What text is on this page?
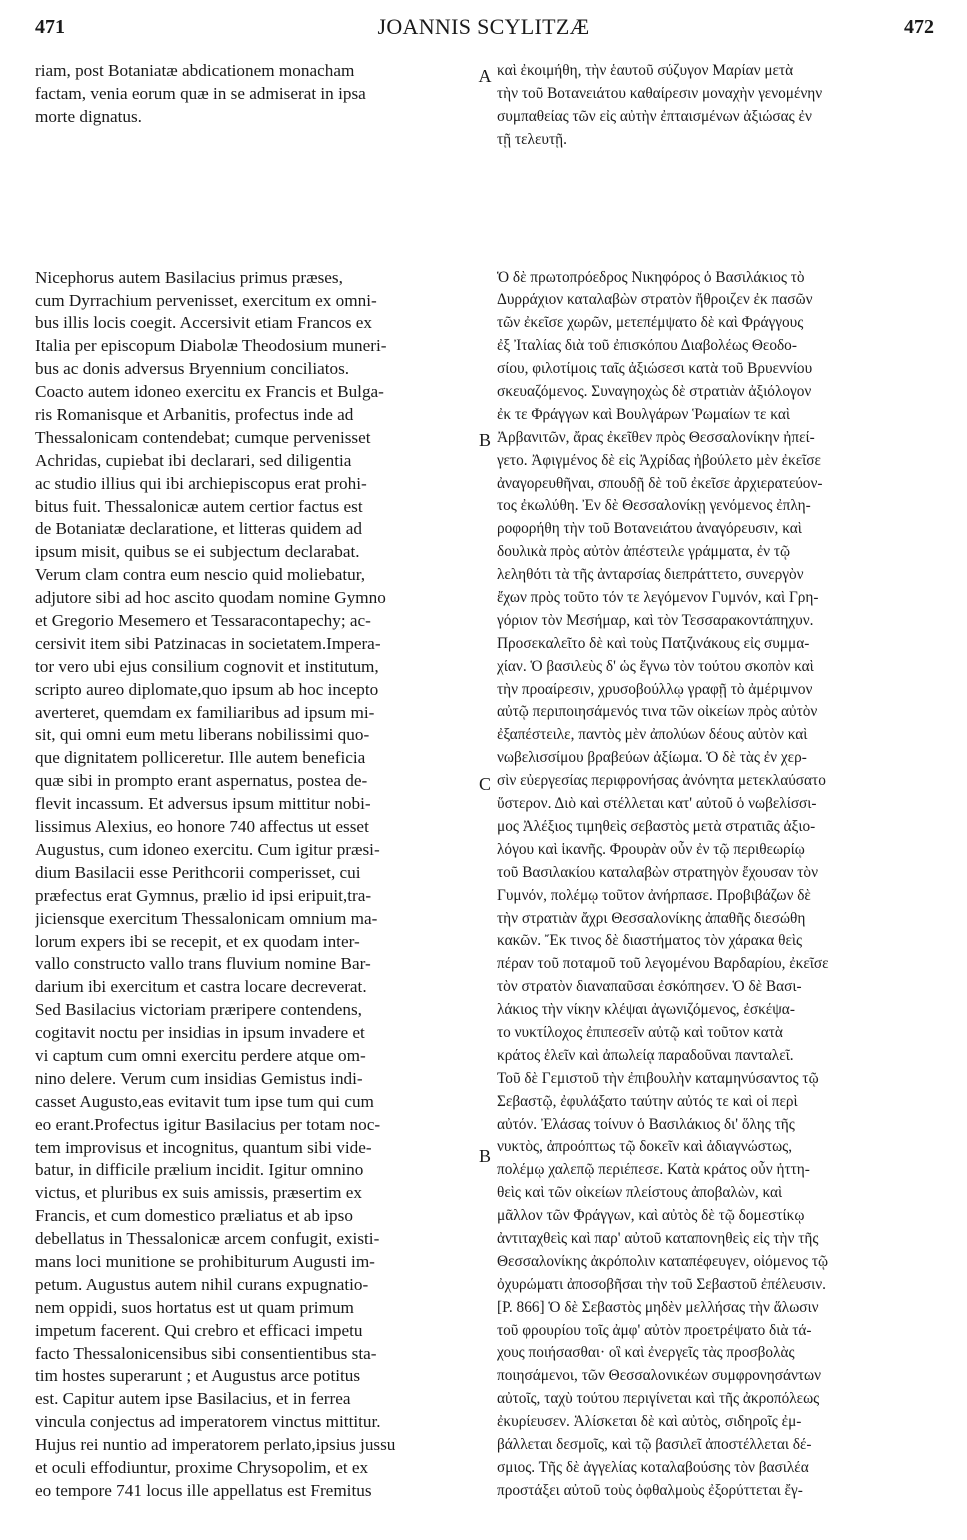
471	JOANNIS SCYLITZÆ	472
riam, post Botaniatæ abdicationem monacham
factam, venia eorum quæ in se admiserat in ipsa
morte dignatus.
Nicephorus autem Basilacius primus præses,
cum Dyrrachium pervenisset, exercitum ex omni-
bus illis locis coegit. Accersivit etiam Francos ex
Italia per episcopum Diabolæ Theodosium muneri-
bus ac donis adversus Bryennium conciliatos.
Coacto autem idoneo exercitu ex Francis et Bulga-
ris Romanisque et Arbanitis, profectus inde ad
Thessalonicam contendebat; cumque pervenisset
Achridas, cupiebat ibi declarari, sed diligentia
ac studio illius qui ibi archiepiscopus erat prohi-
bitus fuit. Thessalonicæ autem certior factus est
de Botaniatæ declaratione, et litteras quidem ad
ipsum misit, quibus se ei subjectum declarabat.
Verum clam contra eum nescio quid moliebatur,
adjutore sibi ad hoc ascito quodam nomine Gymno
et Gregorio Mesemero et Tessaracontapechy; ac-
cersivit item sibi Patzinacas in societatem.Impera-
tor vero ubi ejus consilium cognovit et institutum,
scripto aureo diplomate,quo ipsum ab hoc incepto
averteret, quemdam ex familiaribus ad ipsum mi-
sit, qui omni eum metu liberans nobilissimi quo-
que dignitatem polliceretur. Ille autem beneficia
quæ sibi in prompto erant aspernatus, postea de-
flevit incassum. Et adversus ipsum mittitur nobi-
lissimus Alexius, eo honore 740 affectus ut esset
Augustus, cum idoneo exercitu. Cum igitur præsi-
dium Basilacii esse Perithcorii comperisset, cui
præfectus erat Gymnus, prælio id ipsi eripuit,tra-
jiciensque exercitum Thessalonicam omnium ma-
lorum expers ibi se recepit, et ex quodam inter-
vallo constructo vallo trans fluvium nomine Bar-
darium ibi exercitum et castra locare decreverat.
Sed Basilacius victoriam præripere contendens,
cogitavit noctu per insidias in ipsum invadere et
vi captum cum omni exercitu perdere atque om-
nino delere. Verum cum insidias Gemistus indi-
casset Augusto,eas evitavit tum ipse tum qui cum
eo erant.Profectus igitur Basilacius per totam noc-
tem improvisus et incognitus, quantum sibi vide-
batur, in difficile prælium incidit. Igitur omnino
victus, et pluribus ex suis amissis, præsertim ex
Francis, et cum domestico præliatus et ab ipso
debellatus in Thessalonicæ arcem confugit, existi-
mans loci munitione se prohibiturum Augusti im-
petum. Augustus autem nihil curans expugnatio-
nem oppidi, suos hortatus est ut quam primum
impetum facerent. Qui crebro et efficaci impetu
facto Thessalonicensibus sibi consentientibus sta-
tim hostes superarunt ; et Augustus arce potitus
est. Capitur autem ipse Basilacius, et in ferrea
vincula conjectus ad imperatorem vinctus mittitur.
Hujus rei nuntio ad imperatorem perlato,ipsius jussu
et oculi effodiuntur, proxime Chrysopolim, et ex
eo tempore 741 locus ille appellatus est Fremitus
καὶ ἐκοιμήθη, τὴν ἑαυτοῦ σύζυγον Μαρίαν μετὰ
τὴν τοῦ Βοτανειάτου καθαίρεσιν μοναχὴν γενομένην
συμπαθείας τῶν εἰς αὐτὴν ἐπταισμένων ἀξιώσας ἐν
τῇ τελευτῇ.
Ὁ δὲ πρωτοπρόεδρος Νικηφόρος ὁ Βασιλάκιος τὸ
Δυρράχιον καταλαβὼν στρατὸν ἤθροιζεν ἐκ πασῶν
τῶν ἐκεῖσε χωρῶν, μετεπέμψατο δὲ καὶ Φράγγους
ἐξ Ἰταλίας διὰ τοῦ ἐπισκόπου Διαβολέως Θεοδο-
σίου, φιλοτίμοις ταῖς ἀξιώσεσι κατὰ τοῦ Βρυεννίου
σκευαζόμενος. Συναγηοχὼς δὲ στρατιὰν ἀξιόλογον
ἐκ τε Φράγγων καὶ Βουλγάρων Ῥωμαίων τε καὶ
Ἀρβανιτῶν, ἄρας ἐκεῖθεν πρὸς Θεσσαλονίκην ἠπεί-
γετο. Ἀφιγμένος δὲ εἰς Ἀχρίδας ἠβούλετο μὲν ἐκεῖσε
ἀναγορευθῆναι, σπουδῇ δὲ τοῦ ἐκεῖσε ἀρχιερατεύον-
τος ἐκωλύθη. Ἐν δὲ Θεσσαλονίκῃ γενόμενος ἐπλη-
ροφορήθη τὴν τοῦ Βοτανειάτου ἀναγόρευσιν, καὶ
δουλικὰ πρὸς αὐτὸν ἀπέστειλε γράμματα, ἐν τῷ
λεληθότι τὰ τῆς ἀνταρσίας διεπράττετο, συνεργὸν
ἔχων πρὸς τοῦτο τόν τε λεγόμενον Γυμνόν, καὶ Γρη-
γόριον τὸν Μεσήμαρ, καὶ τὸν Τεσσαρακοντάπηχυν.
Προσεκαλεῖτο δὲ καὶ τοὺς Πατζινάκους εἰς συμμα-
χίαν. Ὁ βασιλεὺς δ' ὡς ἔγνω τὸν τούτου σκοπὸν καὶ
τὴν προαίρεσιν, χρυσοβούλλῳ γραφῇ τὸ ἀμέριμνον
αὐτῷ περιποιησάμενός τινα τῶν οἰκείων πρὸς αὐτὸν
ἐξαπέστειλε, παντὸς μὲν ἀπολύων δέους αὐτὸν καὶ
νωβελισσίμου βραβεύων ἀξίωμα. Ὁ δὲ τὰς ἐν χερ-
σὶν εὐεργεσίας περιφρονήσας ἀνόνητα μετεκλαύσατο
ὕστερον. Διὸ καὶ στέλλεται κατ' αὐτοῦ ὁ νωβελίσσι-
μος Ἀλέξιος τιμηθεὶς σεβαστὸς μετὰ στρατιᾶς ἀξιο-
λόγου καὶ ἱκανῆς. Φρουρὰν οὖν ἐν τῷ περιθεωρίῳ
τοῦ Βασιλακίου καταλαβὼν στρατηγὸν ἔχουσαν τὸν
Γυμνόν, πολέμῳ τοῦτον ἀνήρπασε. Προβιβάζων δὲ
τὴν στρατιὰν ἄχρι Θεσσαλονίκης ἀπαθῆς διεσώθη
κακῶν. Ἔκ τινος δὲ διαστήματος τὸν χάρακα θεὶς
πέραν τοῦ ποταμοῦ τοῦ λεγομένου Βαρδαρίου, ἐκεῖσε
τὸν στρατὸν διαναπαῦσαι ἐσκόπησεν. Ὁ δὲ Βασι-
λάκιος τὴν νίκην κλέψαι ἀγωνιζόμενος, ἐσκέψα-
το νυκτίλοχος ἐπιπεσεῖν αὐτῷ καὶ τοῦτον κατὰ
κράτος ἑλεῖν καὶ ἀπωλείᾳ παραδοῦναι πανταλεῖ.
Τοῦ δὲ Γεμιστοῦ τὴν ἐπιβουλὴν καταμηνύσαντος τῷ
Σεβαστῷ, ἐφυλάξατο ταύτην αὐτός τε καὶ οἱ περὶ
αὐτόν. Ἐλάσας τοίνυν ὁ Βασιλάκιος δι' ὅλης τῆς
νυκτὸς, ἀπροόπτως τῷ δοκεῖν καὶ ἀδιαγνώστως,
πολέμῳ χαλεπῷ περιέπεσε. Κατὰ κράτος οὖν ἡττη-
θεὶς καὶ τῶν οἰκείων πλείστους ἀποβαλὼν, καὶ
μᾶλλον τῶν Φράγγων, καὶ αὐτὸς δὲ τῷ δομεστίκῳ
ἀντιταχθεὶς καὶ παρ' αὐτοῦ καταπονηθεὶς εἰς τὴν τῆς
Θεσσαλονίκης ἀκρόπολιν καταπέφευγεν, οἰόμενος τῷ
ὀχυρώματι ἀποσοβῆσαι τὴν τοῦ Σεβαστοῦ ἐπέλευσιν.
[P. 866] Ὁ δὲ Σεβαστὸς μηδὲν μελλήσας τὴν ἅλωσιν
τοῦ φρουρίου τοῖς ἀμφ' αὐτὸν προετρέψατο διὰ τά-
χους ποιήσασθαι· οἳ καὶ ἐνεργεῖς τὰς προσβολὰς
ποιησάμενοι, τῶν Θεσσαλονικέων συμφρονησάντων
αὐτοῖς, ταχὺ τούτου περιγίνεται καὶ τῆς ἀκροπόλεως
ἐκυρίευσεν. Ἁλίσκεται δὲ καὶ αὐτὸς, σιδηροῖς ἐμ-
βάλλεται δεσμοῖς, καὶ τῷ βασιλεῖ ἀποστέλλεται δέ-
σμιος. Τῆς δὲ ἀγγελίας κοταλαβούσης τὸν βασιλέα
προστάξει αὐτοῦ τοὺς ὀφθαλμοὺς ἐξορύττεται ἔγ-
A
B
C
B
